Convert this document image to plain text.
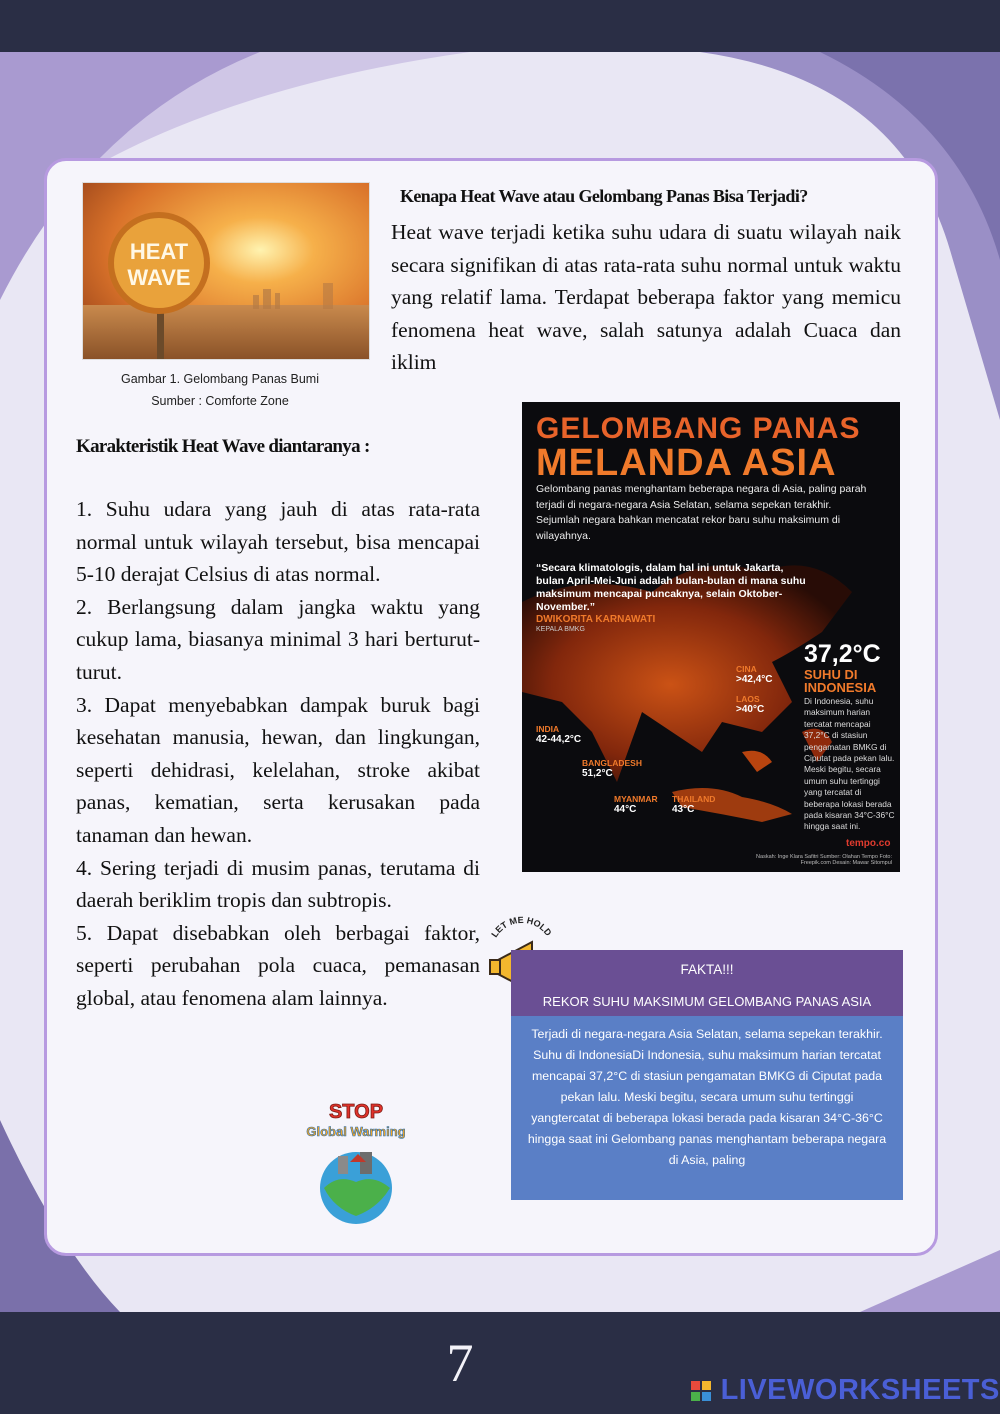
7
HEAT
WAVE
Gambar 1. Gelombang Panas Bumi
Sumber : Comforte Zone
Kenapa Heat Wave atau Gelombang Panas Bisa Terjadi?
Heat wave terjadi ketika suhu udara di suatu wilayah naik secara signifikan di atas rata-rata suhu normal untuk waktu yang relatif lama. Terdapat beberapa faktor yang memicu fenomena heat wave, salah satunya adalah Cuaca dan iklim
Karakteristik Heat Wave diantaranya :

1. Suhu udara yang jauh di atas rata-rata normal untuk wilayah tersebut, bisa mencapai 5-10 derajat Celsius di atas normal.

2. Berlangsung dalam jangka waktu yang cukup lama, biasanya minimal 3 hari berturut-turut.

3. Dapat menyebabkan dampak buruk bagi kesehatan manusia, hewan, dan lingkungan, seperti dehidrasi, kelelahan, stroke akibat panas, kematian, serta kerusakan pada tanaman dan hewan.

4. Sering terjadi di musim panas, terutama di daerah beriklim tropis dan subtropis.

5. Dapat disebabkan oleh berbagai faktor, seperti perubahan pola cuaca, pemanasan global, atau fenomena alam lainnya.

GELOMBANG PANAS
MELANDA ASIA
Gelombang panas menghantam beberapa negara di Asia, paling parah terjadi di negara-negara Asia Selatan, selama sepekan terakhir. Sejumlah negara bahkan mencatat rekor baru suhu maksimum di wilayahnya.
“Secara klimatologis, dalam hal ini untuk Jakarta, bulan April-Mei-Juni adalah bulan-bulan di mana suhu maksimum mencapai puncaknya, selain Oktober-November.”
DWIKORITA KARNAWATI
KEPALA BMKG
CINA
>42,4°C
LAOS
>40°C
INDIA
42-44,2°C
BANGLADESH
51,2°C
MYANMAR
44°C
THAILAND
43°C
37,2°C
SUHU DI
INDONESIA
Di Indonesia, suhu maksimum harian tercatat mencapai 37,2°C di stasiun pengamatan BMKG di Ciputat pada pekan lalu. Meski begitu, secara umum suhu tertinggi yang tercatat di beberapa lokasi berada pada kisaran 34°C-36°C hingga saat ini.
tempo.co
Naskah: Inge Klara Safitri Sumber: Olahan Tempo Foto: Freepik.com Desain: Mawar Sitompul
LET ME HOLD
FAKTA!!!
REKOR SUHU MAKSIMUM GELOMBANG PANAS ASIA
Terjadi di negara-negara Asia Selatan, selama sepekan terakhir. Suhu di IndonesiaDi Indonesia, suhu maksimum harian tercatat mencapai 37,2°C di stasiun pengamatan BMKG di Ciputat pada pekan lalu. Meski begitu, secara umum suhu tertinggi yangtercatat di beberapa lokasi berada pada kisaran 34°C-36°C hingga saat ini Gelombang panas menghantam beberapa negara di Asia, paling
STOP
Global Warming
LIVEWORKSHEETS
